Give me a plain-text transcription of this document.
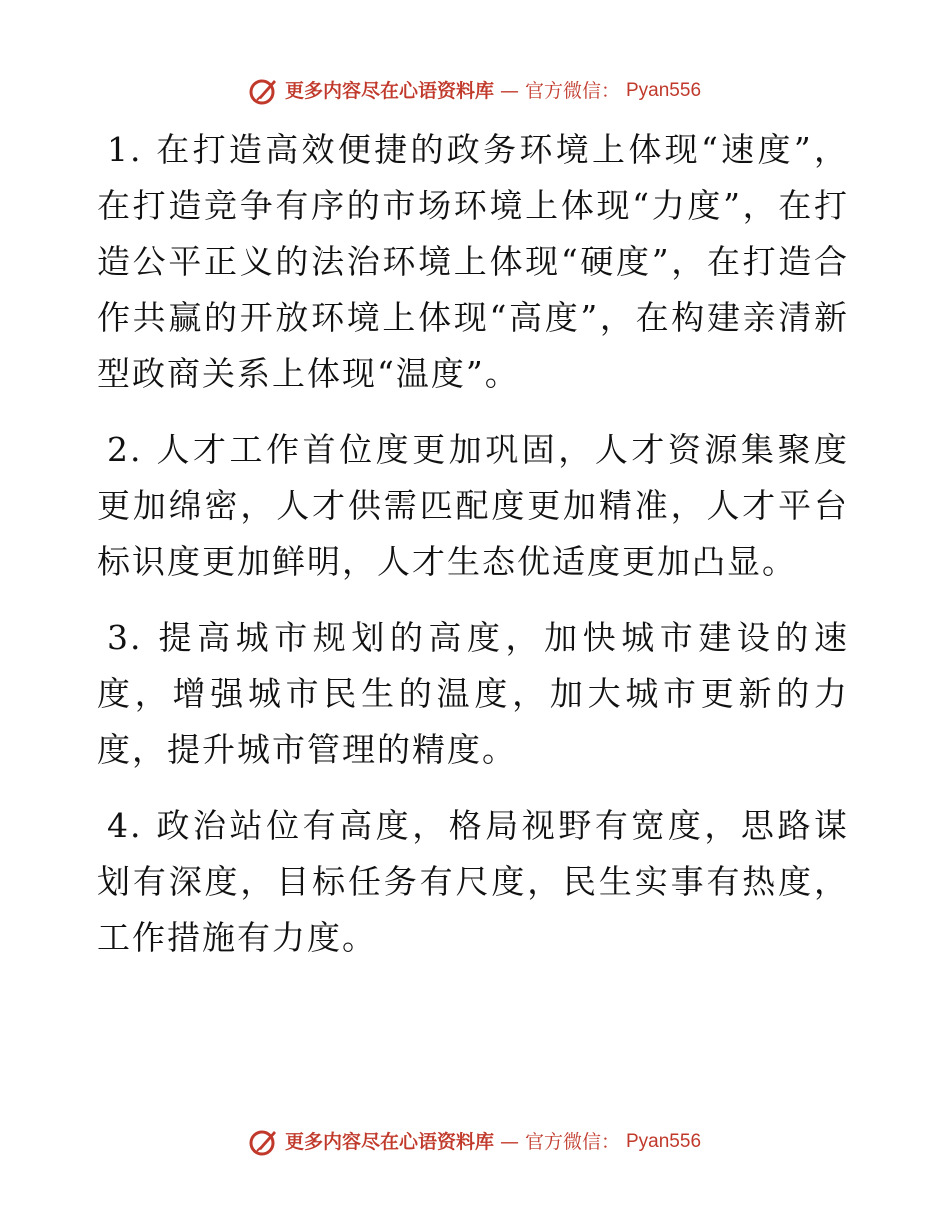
更多内容尽在心语资料库 — 官方微信： Pyan556

1. 在打造高效便捷的政务环境上体现“速度”，在打造竞争有序的市场环境上体现“力度”，在打造公平正义的法治环境上体现“硬度”，在打造合作共赢的开放环境上体现“高度”，在构建亲清新型政商关系上体现“温度”。

2. 人才工作首位度更加巩固，人才资源集聚度更加绵密，人才供需匹配度更加精准，人才平台标识度更加鲜明，人才生态优适度更加凸显。

3. 提高城市规划的高度，加快城市建设的速度，增强城市民生的温度，加大城市更新的力度，提升城市管理的精度。

4. 政治站位有高度，格局视野有宽度，思路谋划有深度，目标任务有尺度，民生实事有热度，工作措施有力度。

更多内容尽在心语资料库 — 官方微信： Pyan556
